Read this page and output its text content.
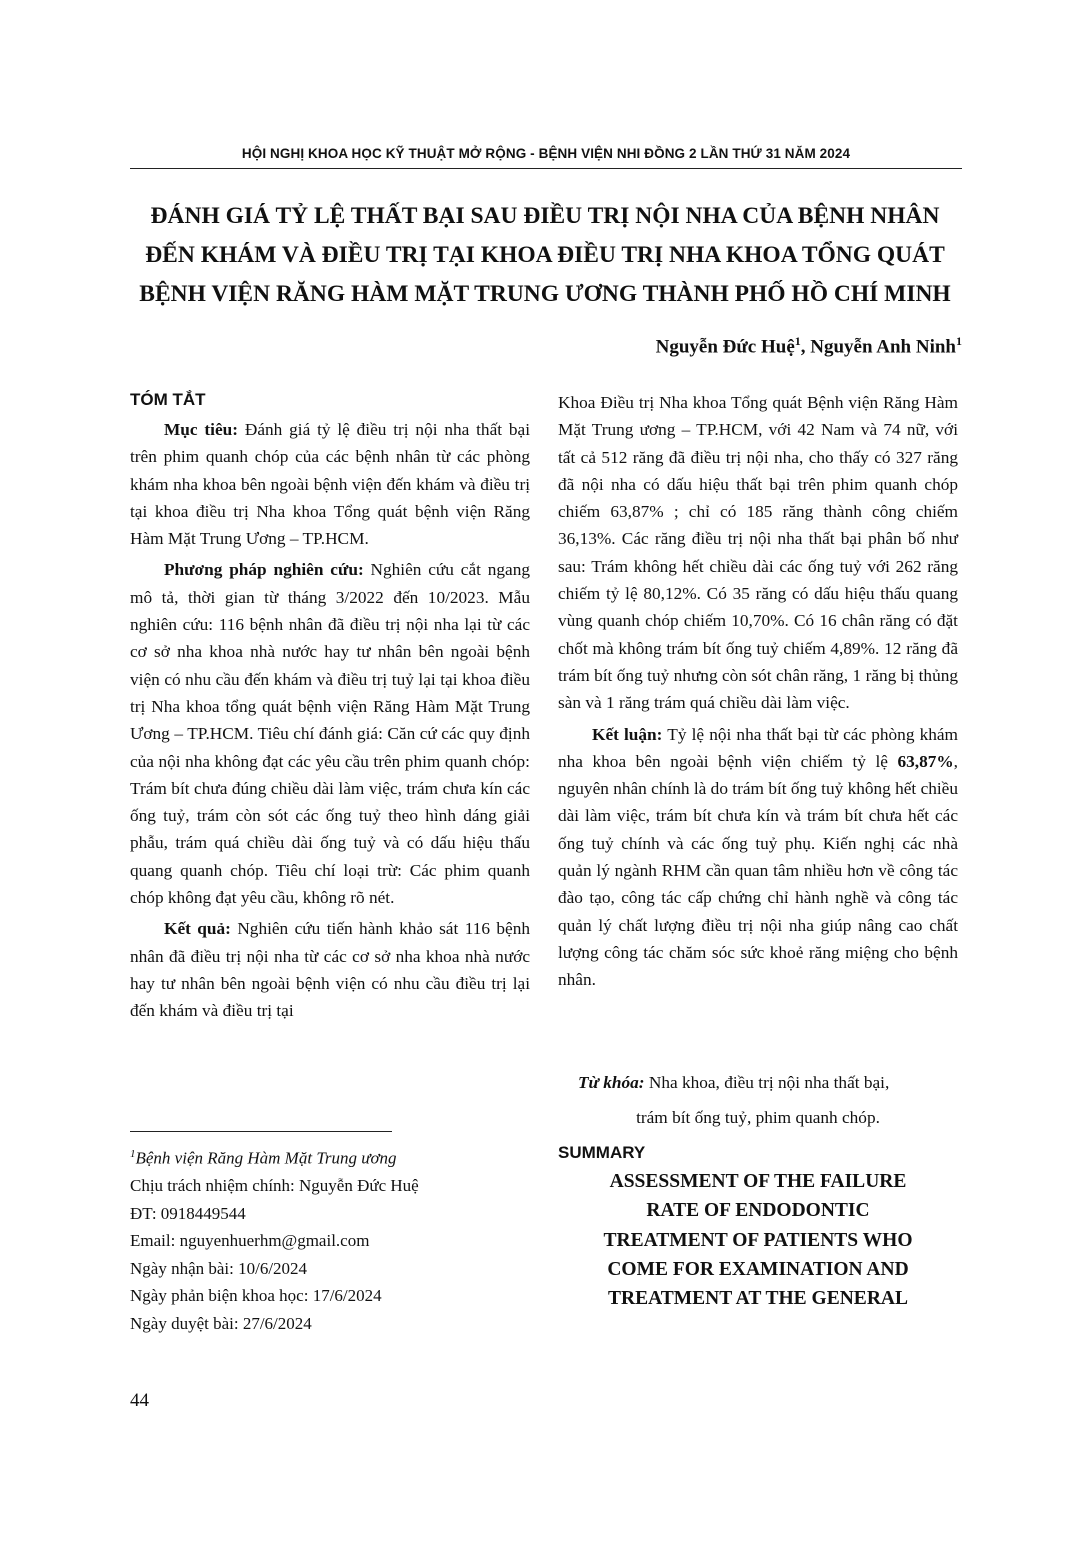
HỘI NGHỊ KHOA HỌC KỸ THUẬT MỞ RỘNG - BỆNH VIỆN NHI ĐỒNG 2 LẦN THỨ 31 NĂM 2024
ĐÁNH GIÁ TỶ LỆ THẤT BẠI SAU ĐIỀU TRỊ NỘI NHA CỦA BỆNH NHÂN
ĐẾN KHÁM VÀ ĐIỀU TRỊ TẠI KHOA ĐIỀU TRỊ NHA KHOA TỔNG QUÁT
BỆNH VIỆN RĂNG HÀM MẶT TRUNG ƯƠNG THÀNH PHỐ HỒ CHÍ MINH
Nguyễn Đức Huệ$^1$, Nguyễn Anh Ninh$^1$
TÓM TẮT

Mục tiêu: Đánh giá tỷ lệ điều trị nội nha thất bại trên phim quanh chóp của các bệnh nhân từ các phòng khám nha khoa bên ngoài bệnh viện đến khám và điều trị tại khoa điều trị Nha khoa Tổng quát bệnh viện Răng Hàm Mặt Trung Ương – TP.HCM.

Phương pháp nghiên cứu: Nghiên cứu cắt ngang mô tả, thời gian từ tháng 3/2022 đến 10/2023. Mẫu nghiên cứu: 116 bệnh nhân đã điều trị nội nha lại từ các cơ sở nha khoa nhà nước hay tư nhân bên ngoài bệnh viện có nhu cầu đến khám và điều trị tuỷ lại tại khoa điều trị Nha khoa tổng quát bệnh viện Răng Hàm Mặt Trung Ương – TP.HCM. Tiêu chí đánh giá: Căn cứ các quy định của nội nha không đạt các yêu cầu trên phim quanh chóp: Trám bít chưa đúng chiều dài làm việc, trám chưa kín các ống tuỷ, trám còn sót các ống tuỷ theo hình dáng giải phẫu, trám quá chiều dài ống tuỷ và có dấu hiệu thấu quang quanh chóp. Tiêu chí loại trừ: Các phim quanh chóp không đạt yêu cầu, không rõ nét.

Kết quả: Nghiên cứu tiến hành khảo sát 116 bệnh nhân đã điều trị nội nha từ các cơ sở nha khoa nhà nước hay tư nhân bên ngoài bệnh viện có nhu cầu điều trị lại đến khám và điều trị tại

$^1$Bệnh viện Răng Hàm Mặt Trung ương
Chịu trách nhiệm chính: Nguyễn Đức Huệ
ĐT: 0918449544
Email: nguyenhuerhm@gmail.com
Ngày nhận bài: 10/6/2024
Ngày phản biện khoa học: 17/6/2024
Ngày duyệt bài: 27/6/2024

Khoa Điều trị Nha khoa Tổng quát Bệnh viện Răng Hàm Mặt Trung ương – TP.HCM, với 42 Nam và 74 nữ, với tất cả 512 răng đã điều trị nội nha, cho thấy có 327 răng đã nội nha có dấu hiệu thất bại trên phim quanh chóp chiếm 63,87% ; chỉ có 185 răng thành công chiếm 36,13%. Các răng điều trị nội nha thất bại phân bố như sau: Trám không hết chiều dài các ống tuỷ với 262 răng chiếm tỷ lệ 80,12%. Có 35 răng có dấu hiệu thấu quang vùng quanh chóp chiếm 10,70%. Có 16 chân răng có đặt chốt mà không trám bít ống tuỷ chiếm 4,89%. 12 răng đã trám bít ống tuỷ nhưng còn sót chân răng, 1 răng bị thủng sàn và 1 răng trám quá chiều dài làm việc.

Kết luận: Tỷ lệ nội nha thất bại từ các phòng khám nha khoa bên ngoài bệnh viện chiếm tỷ lệ 63,87%, nguyên nhân chính là do trám bít ống tuỷ không hết chiều dài làm việc, trám bít chưa kín và trám bít chưa hết các ống tuỷ chính và các ống tuỷ phụ. Kiến nghị các nhà quản lý ngành RHM cần quan tâm nhiều hơn về công tác đào tạo, công tác cấp chứng chỉ hành nghề và công tác quản lý chất lượng điều trị nội nha giúp nâng cao chất lượng công tác chăm sóc sức khoẻ răng miệng cho bệnh nhân.

Từ khóa: Nha khoa, điều trị nội nha thất bại,
trám bít ống tuỷ, phim quanh chóp.
SUMMARY
ASSESSMENT OF THE FAILURE
RATE OF ENDODONTIC
TREATMENT OF PATIENTS WHO
COME FOR EXAMINATION AND
TREATMENT AT THE GENERAL
44
